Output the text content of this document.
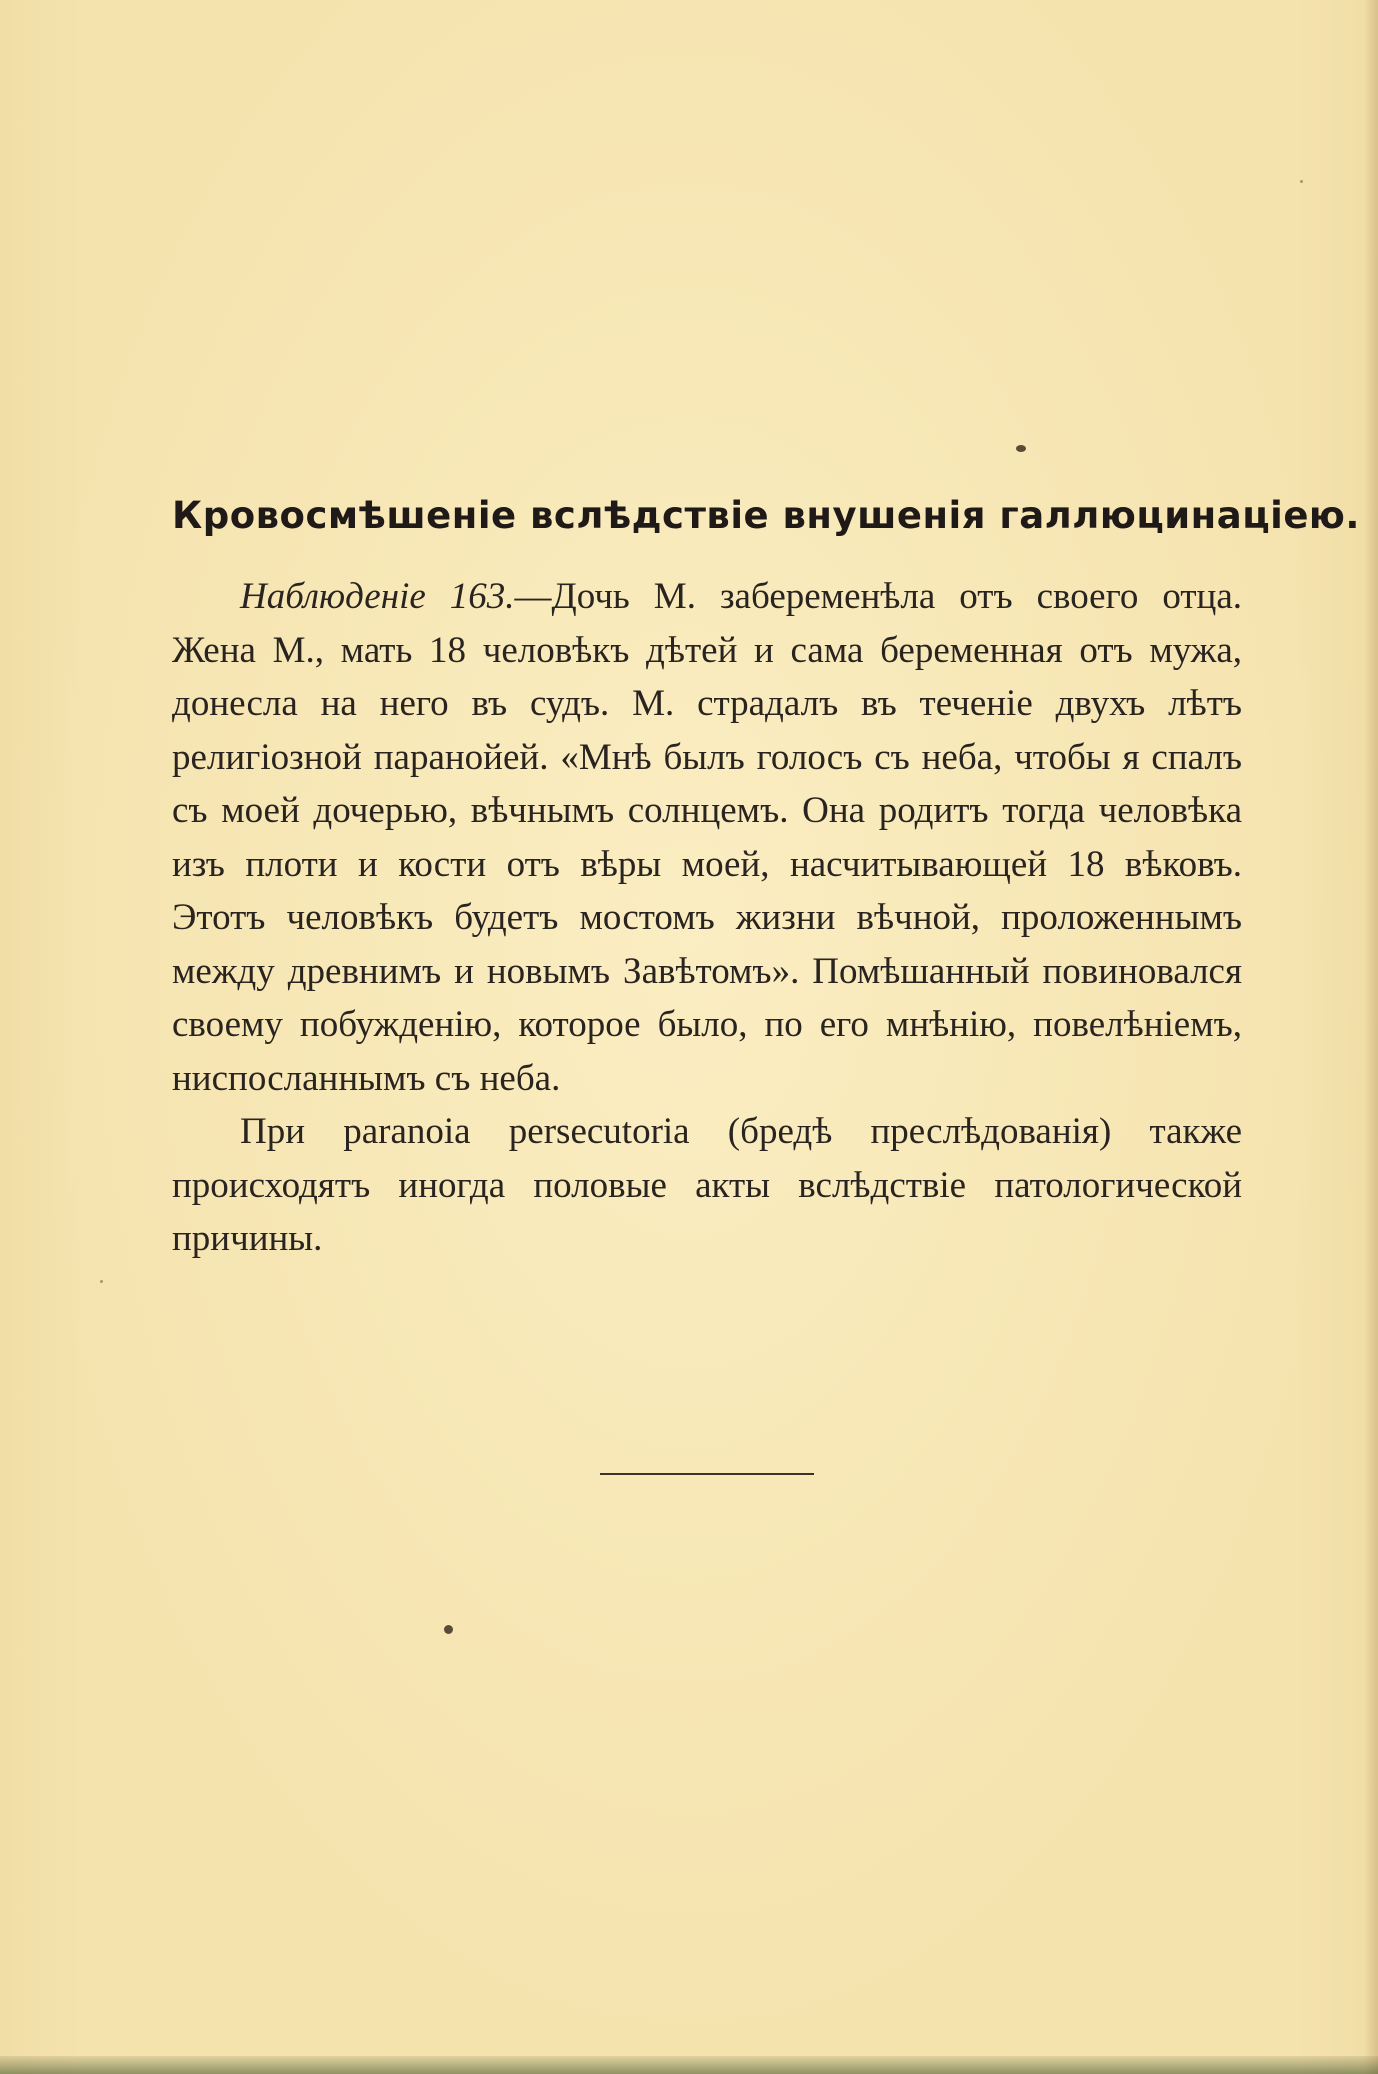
Кровосмѣшеніе вслѣдствіе внушенія галлюцинаціею.

Наблюденіе 163.—Дочь М. забеременѣла отъ своего отца. Жена М., мать 18 человѣкъ дѣтей и сама беременная отъ мужа, донесла на него въ судъ. М. страдалъ въ теченіе двухъ лѣтъ религіозной паранойей. «Мнѣ былъ голосъ съ неба, чтобы я спалъ съ моей дочерью, вѣчнымъ солнцемъ. Она родитъ тогда человѣка изъ плоти и кости отъ вѣры моей, насчитывающей 18 вѣковъ. Этотъ человѣкъ будетъ мостомъ жизни вѣчной, проложеннымъ между древнимъ и новымъ Завѣтомъ». Помѣшанный повиновался своему побужденію, которое было, по его мнѣнію, повелѣніемъ, ниспосланнымъ съ неба.

При paranoia persecutoria (бредѣ преслѣдованія) также происходятъ иногда половые акты вслѣдствіе патологической причины.
